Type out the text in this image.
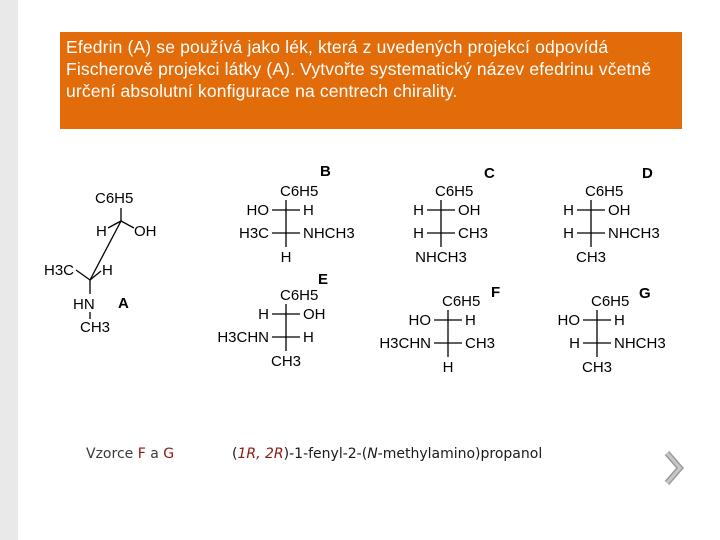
Efedrin (A) se používá jako lék, která z uvedených projekcí odpovídá Fischerově projekci látky (A). Vytvořte systematický název efedrinu včetně určení absolutní konfigurace na centrech chirality.

C6H5
H OH
H3C H
HN
CH3
A
C6H5
HO H
H3C NHCH3
H
B
C6H5
H OH
H CH3
NHCH3
C
C6H5
H OH
H NHCH3
CH3
D
C6H5
H OH
H3CHN H
CH3
E
C6H5
HO H
H3CHN CH3
H
F
C6H5
HO H
H NHCH3
CH3
G
Vzorce F a G	(1R, 2R)-1-fenyl-2-(N-methylamino)propanol
